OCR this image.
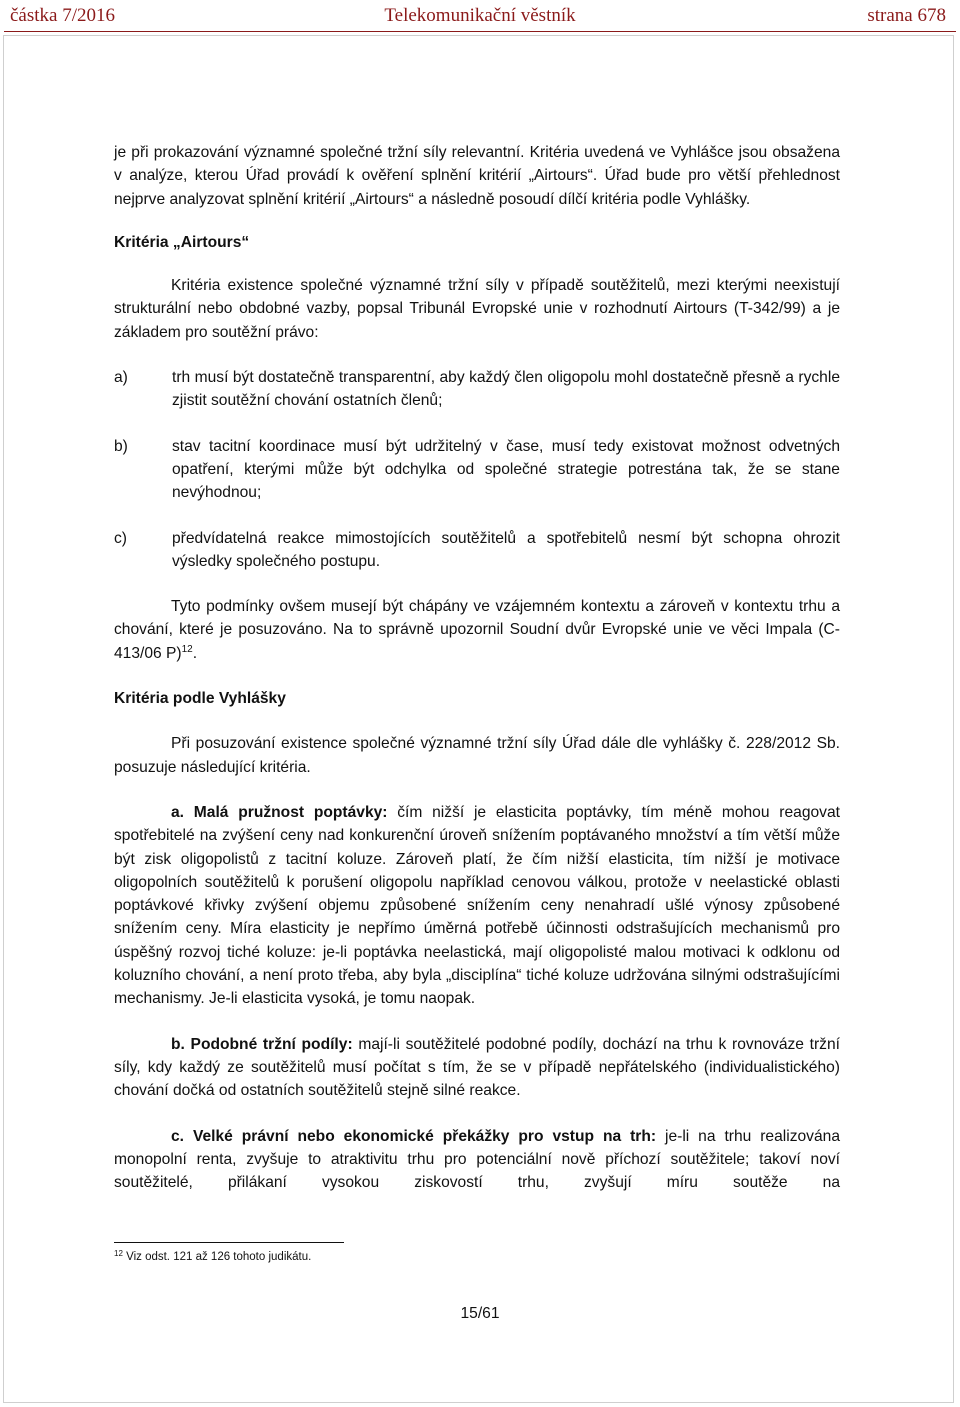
částka 7/2016	Telekomunikační věstník	strana 678

je při prokazování významné společné tržní síly relevantní. Kritéria uvedená ve Vyhlášce jsou obsažena v analýze, kterou Úřad provádí k ověření splnění kritérií „Airtours“. Úřad bude pro větší přehlednost nejprve analyzovat splnění kritérií „Airtours“ a následně posoudí dílčí kritéria podle Vyhlášky.

Kritéria „Airtours“

Kritéria existence společné významné tržní síly v případě soutěžitelů, mezi kterými neexistují strukturální nebo obdobné vazby, popsal Tribunál Evropské unie v rozhodnutí Airtours (T-342/99) a je základem pro soutěžní právo:

a)	trh musí být dostatečně transparentní, aby každý člen oligopolu mohl dostatečně přesně a rychle zjistit soutěžní chování ostatních členů;

b)	stav tacitní koordinace musí být udržitelný v čase, musí tedy existovat možnost odvetných opatření, kterými může být odchylka od společné strategie potrestána tak, že se stane nevýhodnou;

c)	předvídatelná reakce mimostojících soutěžitelů a spotřebitelů nesmí být schopna ohrozit výsledky společného postupu.

Tyto podmínky ovšem musejí být chápány ve vzájemném kontextu a zároveň v kontextu trhu a chování, které je posuzováno. Na to správně upozornil Soudní dvůr Evropské unie ve věci Impala (C- 413/06 P)$^{12}$.

Kritéria podle Vyhlášky

Při posuzování existence společné významné tržní síly Úřad dále dle vyhlášky č. 228/2012 Sb. posuzuje následující kritéria.

a. Malá pružnost poptávky: čím nižší je elasticita poptávky, tím méně mohou reagovat spotřebitelé na zvýšení ceny nad konkurenční úroveň snížením poptávaného množství a tím větší může být zisk oligopolistů z tacitní koluze. Zároveň platí, že čím nižší elasticita, tím nižší je motivace oligopolních soutěžitelů k porušení oligopolu například cenovou válkou, protože v neelastické oblasti poptávkové křivky zvýšení objemu způsobené snížením ceny nenahradí ušlé výnosy způsobené snížením ceny. Míra elasticity je nepřímo úměrná potřebě účinnosti odstrašujících mechanismů pro úspěšný rozvoj tiché koluze: je-li poptávka neelastická, mají oligopolisté malou motivaci k odklonu od koluzního chování, a není proto třeba, aby byla „disciplína“ tiché koluze udržována silnými odstrašujícími mechanismy. Je-li elasticita vysoká, je tomu naopak.

b. Podobné tržní podíly: mají-li soutěžitelé podobné podíly, dochází na trhu k rovnováze tržní síly, kdy každý ze soutěžitelů musí počítat s tím, že se v případě nepřátelského (individualistického) chování dočká od ostatních soutěžitelů stejně silné reakce.

c. Velké právní nebo ekonomické překážky pro vstup na trh: je-li na trhu realizována monopolní renta, zvyšuje to atraktivitu trhu pro potenciální nově příchozí soutěžitele; takoví noví soutěžitelé, přilákaní vysokou ziskovostí trhu, zvyšují míru soutěže na

$^{12}$ Viz odst. 121 až 126 tohoto judikátu.
15/61
